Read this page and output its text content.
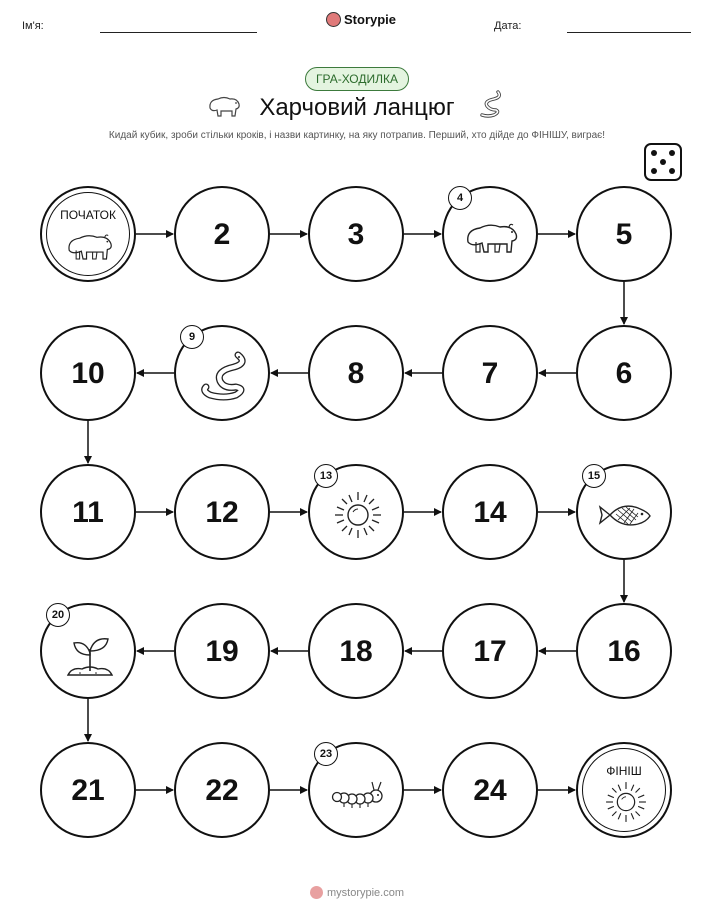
Ім'я:	Storypie	Дата:
ГРА-ХОДИЛКА
Харчовий ланцюг
Кидай кубик, зроби стільки кроків, і назви картинку, на яку потрапив. Перший, хто дійде до ФІНІШУ, виграє!
ПОЧАТОК
2	3
4
5
6
7
8
9
10
11	12
13
14
15
16
17
18
19
20
21	22
23
24
ФІНІШ
mystorypie.com
